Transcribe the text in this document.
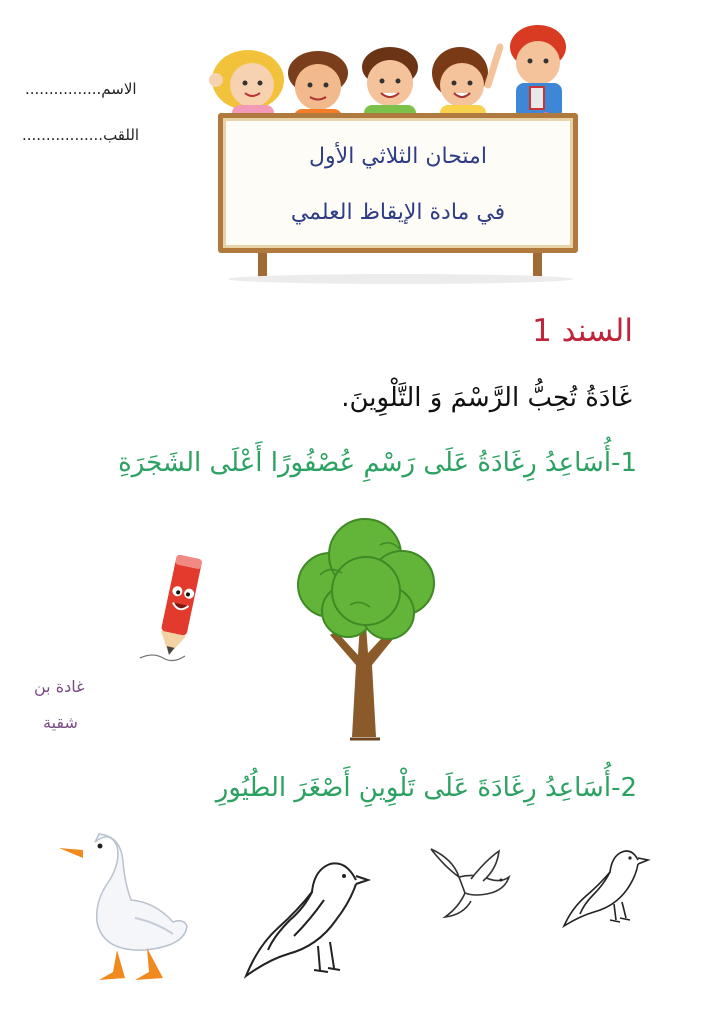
الاسم................
اللقب.................
امتحان الثلاثي الأول
في مادة الإيقاظ العلمي
السند 1
غَادَةُ تُحِبُّ الرَّسْمَ وَ التَّلْوِينَ.
1-أُسَاعِدُ رِغَادَةُ عَلَى رَسْمِ عُصْفُورًا أَعْلَى الشَجَرَةِ
غادة بن
شقية
2-أُسَاعِدُ رِغَادَةَ عَلَى تَلْوِينِ أَصْغَرَ الطُيُورِ
